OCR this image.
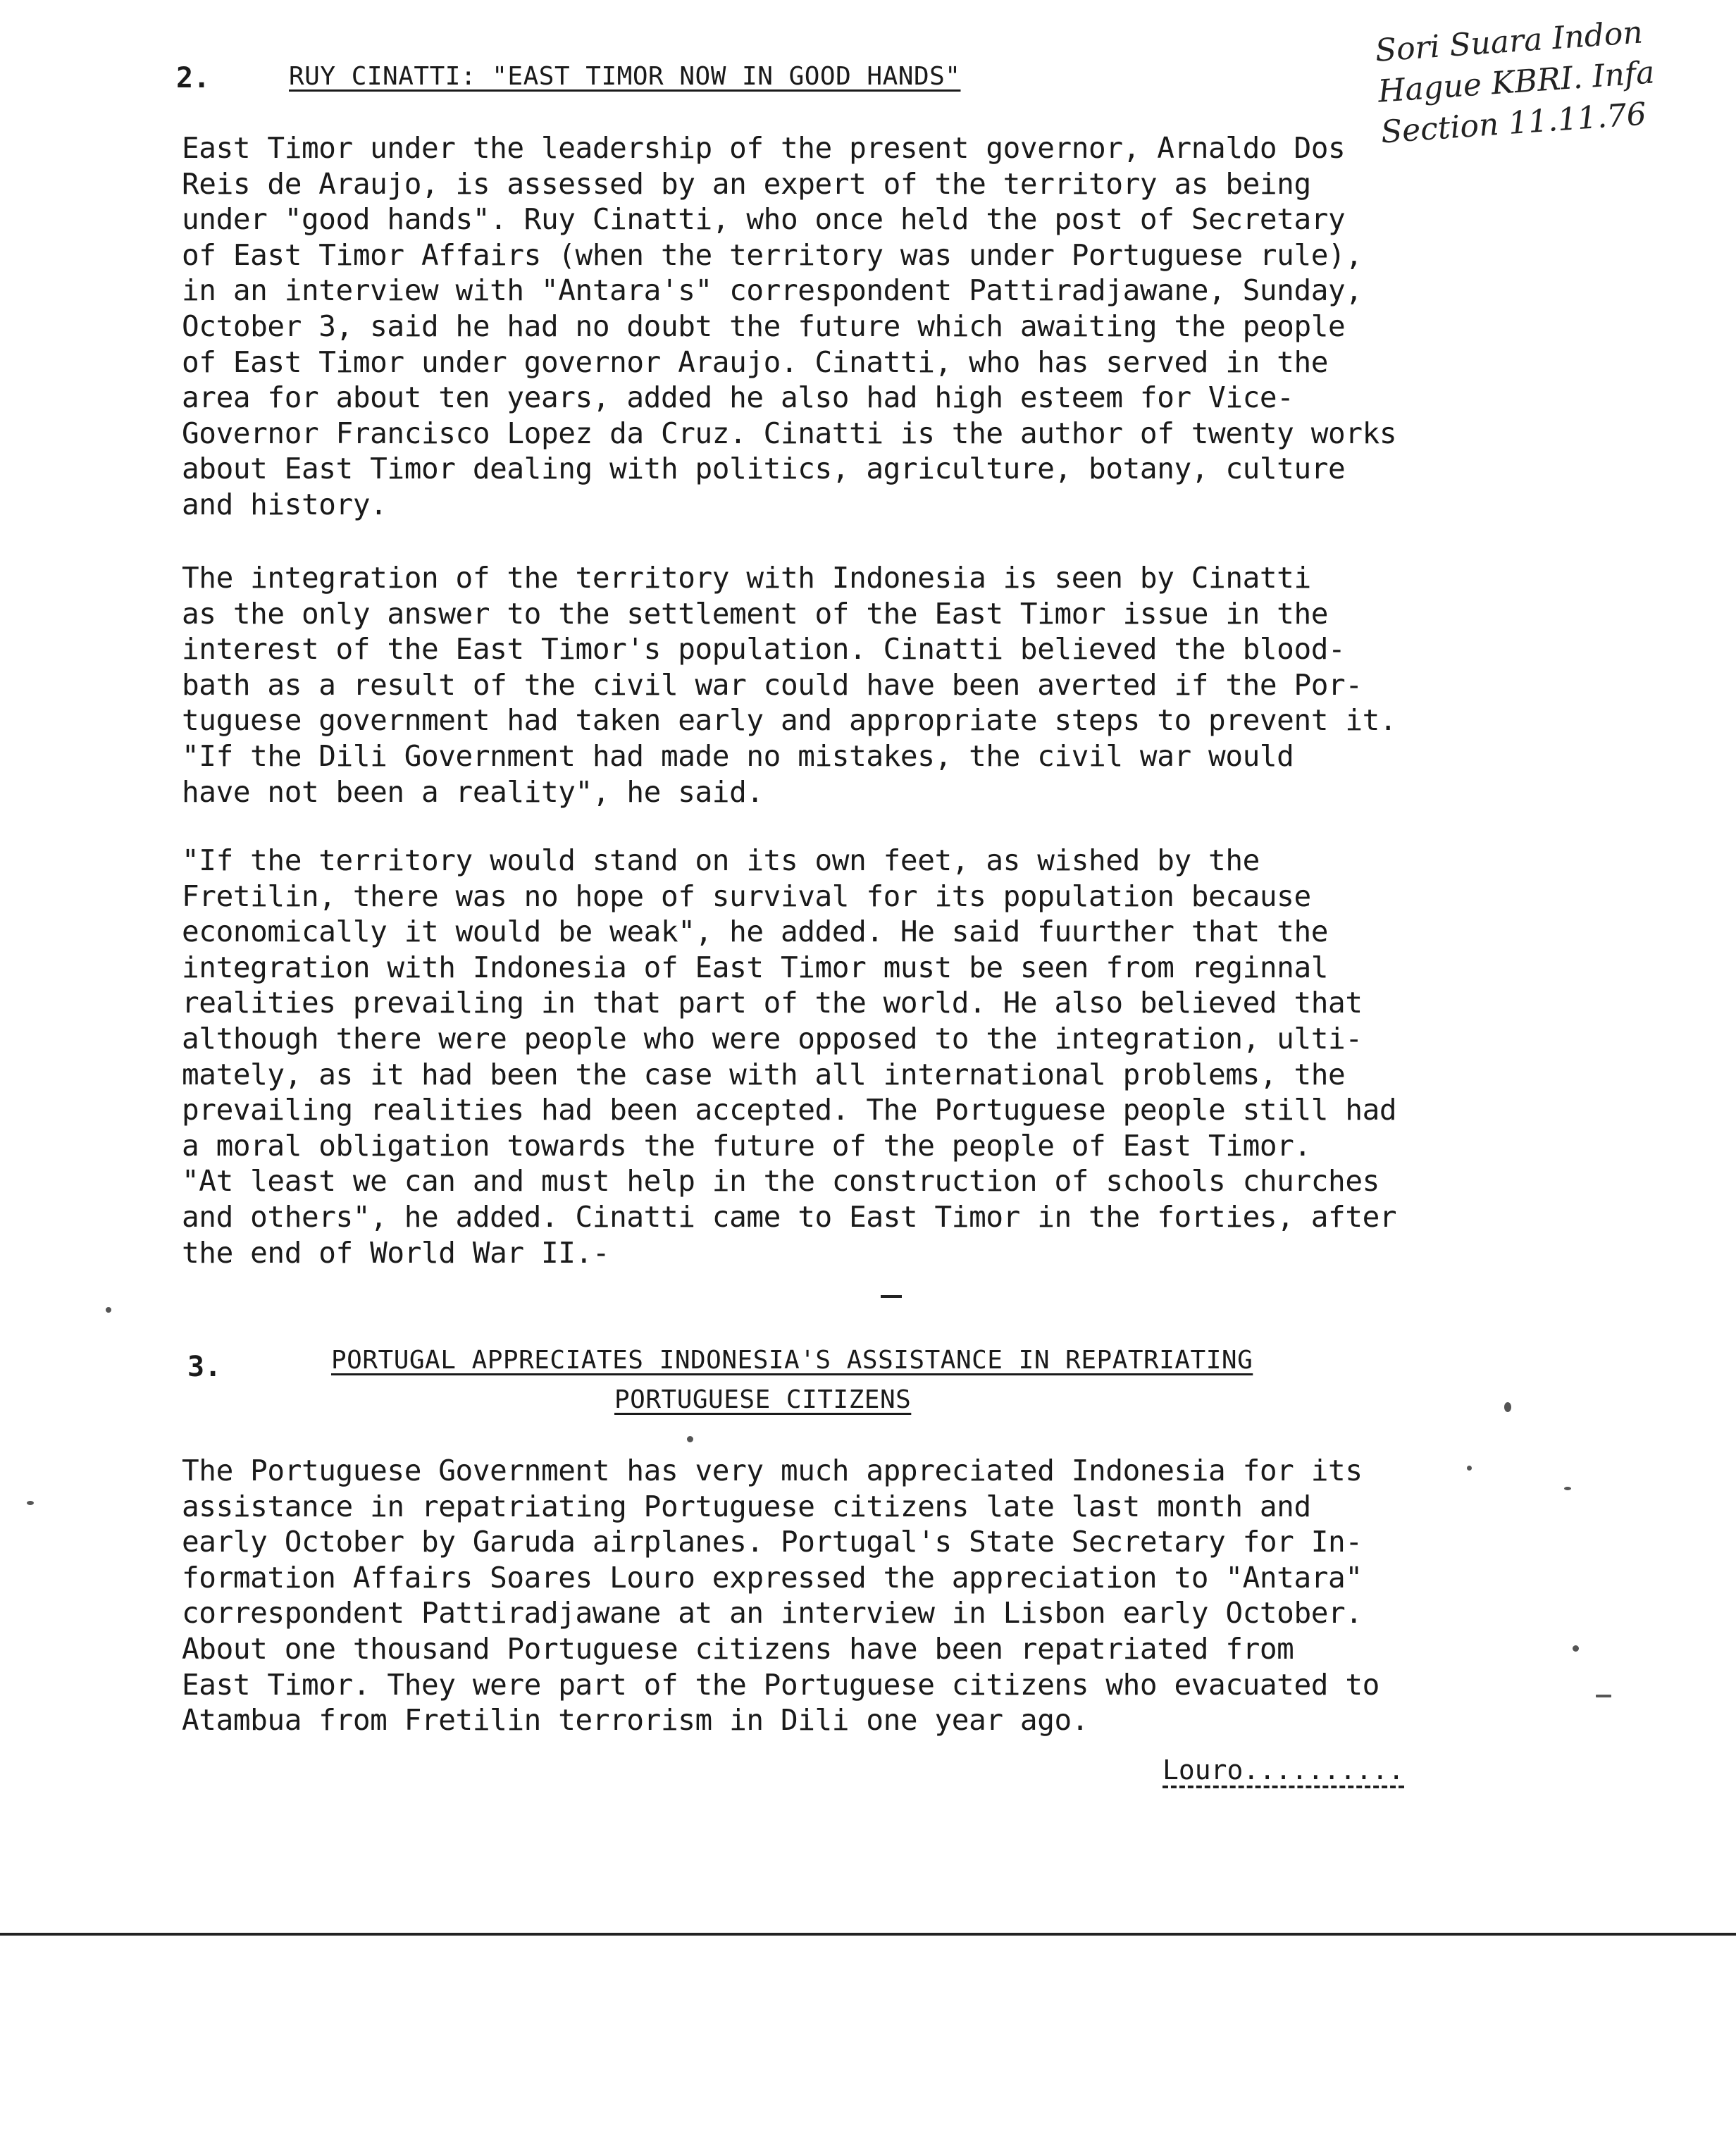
Sori Suara Indon
Hague KBRI. Infa
Section 11.11.76
2.	RUY CINATTI: "EAST TIMOR NOW IN GOOD HANDS"

East Timor under the leadership of the present governor, Arnaldo Dos
Reis de Araujo, is assessed by an expert of the territory as being
under "good hands". Ruy Cinatti, who once held the post of Secretary
of East Timor Affairs (when the territory was under Portuguese rule),
in an interview with "Antara's" correspondent Pattiradjawane, Sunday,
October 3, said he had no doubt the future which awaiting the people
of East Timor under governor Araujo. Cinatti, who has served in the
area for about ten years, added he also had high esteem for Vice-
Governor Francisco Lopez da Cruz. Cinatti is the author of twenty works
about East Timor dealing with politics, agriculture, botany, culture
and history.

The integration of the territory with Indonesia is seen by Cinatti
as the only answer to the settlement of the East Timor issue in the
interest of the East Timor's population. Cinatti believed the blood-
bath as a result of the civil war could have been averted if the Por-
tuguese government had taken early and appropriate steps to prevent it.
"If the Dili Government had made no mistakes, the civil war would
have not been a reality", he said.

"If the territory would stand on its own feet, as wished by the
Fretilin, there was no hope of survival for its population because
economically it would be weak", he added. He said fuurther that the
integration with Indonesia of East Timor must be seen from reginnal
realities prevailing in that part of the world. He also believed that
although there were people who were opposed to the integration, ulti-
mately, as it had been the case with all international problems, the
prevailing realities had been accepted. The Portuguese people still had
a moral obligation towards the future of the people of East Timor.
"At least we can and must help in the construction of schools churches
and others", he added. Cinatti came to East Timor in the forties, after
the end of World War II.-

3.	PORTUGAL APPRECIATES INDONESIA'S ASSISTANCE IN REPATRIATING
PORTUGUESE CITIZENS

The Portuguese Government has very much appreciated Indonesia for its
assistance in repatriating Portuguese citizens late last month and
early October by Garuda airplanes. Portugal's State Secretary for In-
formation Affairs Soares Louro expressed the appreciation to "Antara"
correspondent Pattiradjawane at an interview in Lisbon early October.
About one thousand Portuguese citizens have been repatriated from
East Timor. They were part of the Portuguese citizens who evacuated to
Atambua from Fretilin terrorism in Dili one year ago.

Louro..........
